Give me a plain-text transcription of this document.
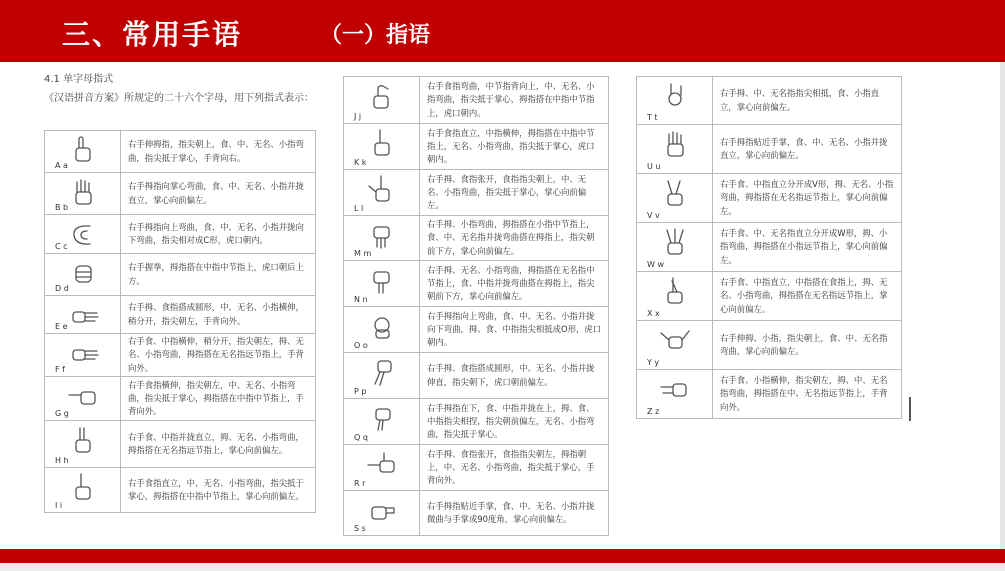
三、常用手语	（一）指语
4.1 单字母指式
《汉语拼音方案》所规定的二十六个字母，用下列指式表示：
A a	右手伸拇指，指尖朝上，食、中、无名、小指弯曲，指尖抵于掌心，手背向右。

B b	右手拇指向掌心弯曲，食、中、无名、小指并拢直立，掌心向前偏左。

C c	右手拇指向上弯曲，食、中、无名、小指并拢向下弯曲，指尖相对成C形，虎口朝内。

D d	右手握拳，拇指搭在中指中节指上，虎口朝后上方。

E e	右手拇、食指搭成圆形，中、无名、小指横伸，稍分开，指尖朝左，手背向外。

F f	右手食、中指横伸，稍分开，指尖朝左，拇、无名、小指弯曲，拇指搭在无名指远节指上，手背向外。

G g	右手食指横伸，指尖朝左，中、无名、小指弯曲，指尖抵于掌心，拇指搭在中指中节指上，手背向外。

H h	右手食、中指并拢直立，拇、无名、小指弯曲，拇指搭在无名指远节指上，掌心向前偏左。

I i	右手食指直立，中、无名、小指弯曲，指尖抵于掌心，拇指搭在中指中节指上，掌心向前偏左。
J j	右手食指弯曲，中节指背向上，中、无名、小指弯曲，指尖抵于掌心，拇指搭在中指中节指上，虎口朝内。

K k	右手食指直立，中指横伸，拇指搭在中指中节指上，无名、小指弯曲，指尖抵于掌心，虎口朝内。

L l	右手拇、食指张开，食指指尖朝上，中、无名、小指弯曲，指尖抵于掌心，掌心向前偏左。

M m	右手拇、小指弯曲，拇指搭在小指中节指上，食、中、无名指并拢弯曲搭在拇指上，指尖朝前下方，掌心向前偏左。

N n	右手拇、无名、小指弯曲，拇指搭在无名指中节指上，食、中指并拢弯曲搭在拇指上，指尖朝前下方，掌心向前偏左。

O o	右手拇指向上弯曲，食、中、无名、小指并拢向下弯曲，拇、食、中指指尖相抵成O形，虎口朝内。

P p	右手拇、食指搭成圆形，中、无名、小指并拢伸直，指尖朝下，虎口朝前偏左。

Q q	右手拇指在下，食、中指并拢在上，拇、食、中指指尖相捏，指尖朝前偏左，无名、小指弯曲，指尖抵于掌心。

R r	右手拇、食指张开，食指指尖朝左，拇指朝上，中、无名、小指弯曲，指尖抵于掌心，手背向外。

S s	右手拇指贴近手掌，食、中、无名、小指并拢微曲与手掌成90度角，掌心向前偏左。
T t	右手拇、中、无名指指尖相抵，食、小指直立，掌心向前偏左。

U u	右手拇指贴近手掌，食、中、无名、小指并拢直立，掌心向前偏左。

V v	右手食、中指直立分开成V形，拇、无名、小指弯曲，拇指搭在无名指远节指上，掌心向前偏左。

W w	右手食、中、无名指直立分开成W形，拇、小指弯曲，拇指搭在小指远节指上，掌心向前偏左。

X x	右手食、中指直立，中指搭在食指上，拇、无名、小指弯曲，拇指搭在无名指远节指上，掌心向前偏左。

Y y	右手伸拇、小指，指尖朝上，食、中、无名指弯曲，掌心向前偏左。

Z z	右手食、小指横伸，指尖朝左，拇、中、无名指弯曲，拇指搭在中、无名指远节指上，手背向外。
